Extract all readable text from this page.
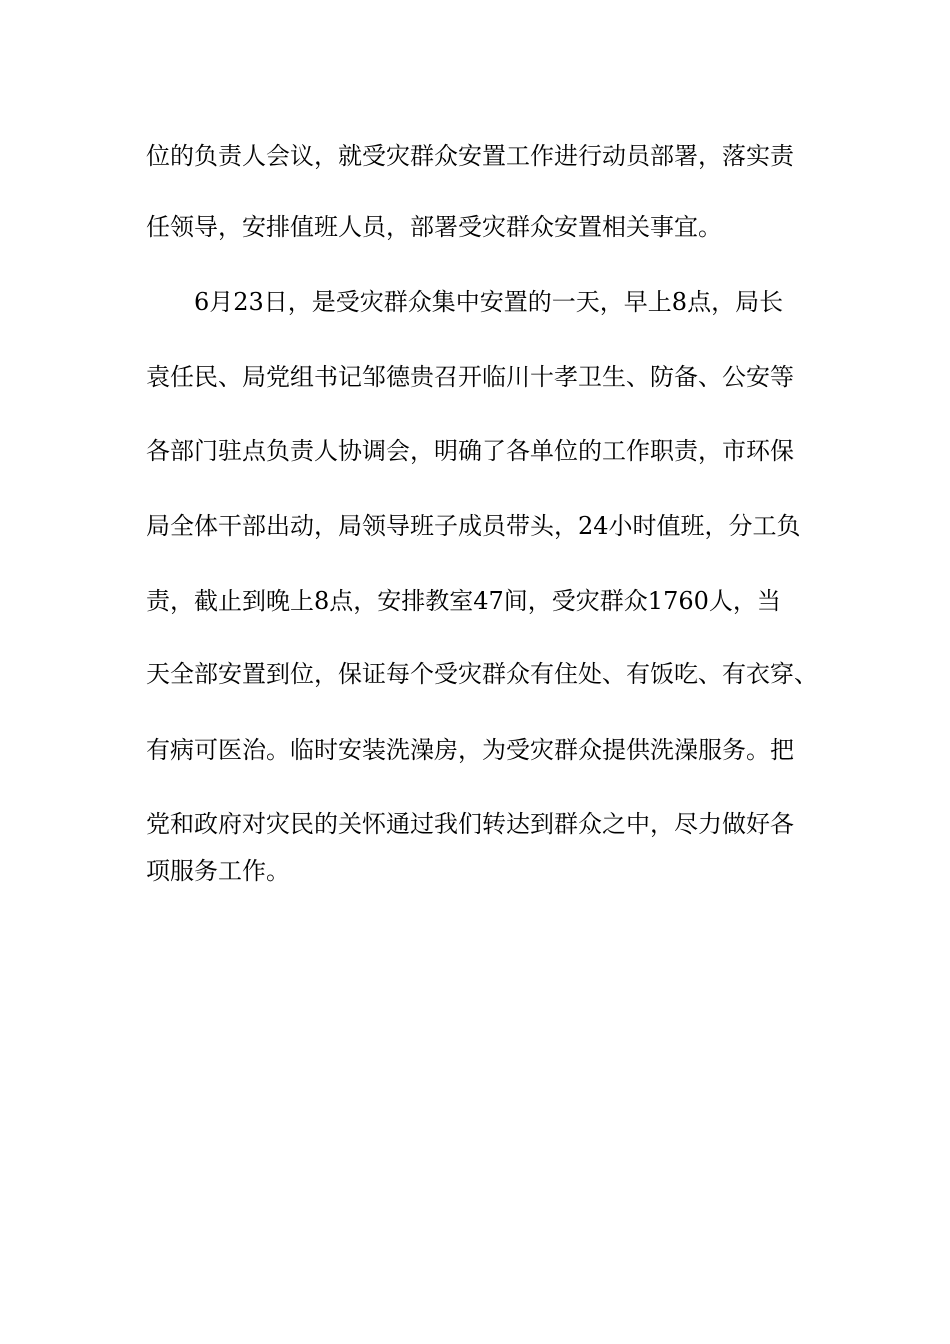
位的负责人会议，就受灾群众安置工作进行动员部署，落实责
任领导，安排值班人员，部署受灾群众安置相关事宜。
6月23日，是受灾群众集中安置的一天，早上8点，局长
袁任民、局党组书记邹德贵召开临川十孝卫生、防备、公安等
各部门驻点负责人协调会，明确了各单位的工作职责，市环保
局全体干部出动，局领导班子成员带头，24小时值班，分工负
责，截止到晚上8点，安排教室47间，受灾群众1760人，当
天全部安置到位，保证每个受灾群众有住处、有饭吃、有衣穿、
有病可医治。临时安装洗澡房，为受灾群众提供洗澡服务。把
党和政府对灾民的关怀通过我们转达到群众之中，尽力做好各
项服务工作。
